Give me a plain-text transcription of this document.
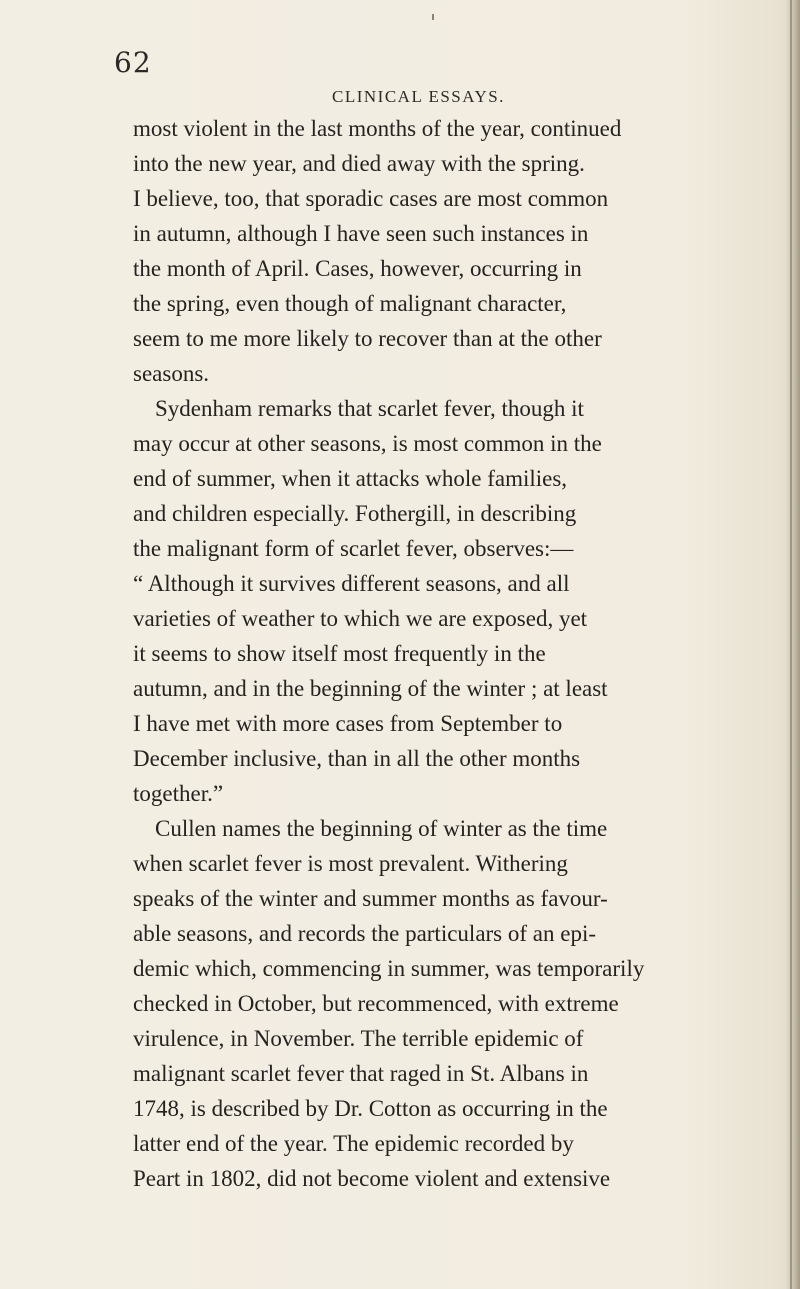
62
CLINICAL ESSAYS.
most violent in the last months of the year, continued
into the new year, and died away with the spring.
I believe, too, that sporadic cases are most common
in autumn, although I have seen such instances in
the month of April. Cases, however, occurring in
the spring, even though of malignant character,
seem to me more likely to recover than at the other
seasons.
Sydenham remarks that scarlet fever, though it
may occur at other seasons, is most common in the
end of summer, when it attacks whole families,
and children especially. Fothergill, in describing
the malignant form of scarlet fever, observes:—
“ Although it survives different seasons, and all
varieties of weather to which we are exposed, yet
it seems to show itself most frequently in the
autumn, and in the beginning of the winter ; at least
I have met with more cases from September to
December inclusive, than in all the other months
together.”
Cullen names the beginning of winter as the time
when scarlet fever is most prevalent. Withering
speaks of the winter and summer months as favour-
able seasons, and records the particulars of an epi-
demic which, commencing in summer, was temporarily
checked in October, but recommenced, with extreme
virulence, in November. The terrible epidemic of
malignant scarlet fever that raged in St. Albans in
1748, is described by Dr. Cotton as occurring in the
latter end of the year. The epidemic recorded by
Peart in 1802, did not become violent and extensive
